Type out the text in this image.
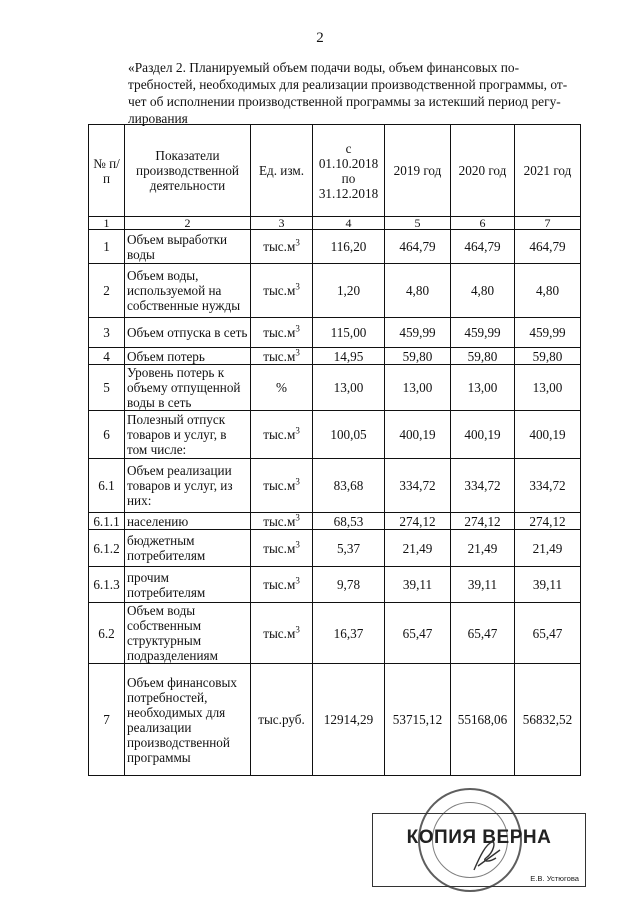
2
«Раздел 2. Планируемый объем подачи воды, объем финансовых по-
требностей, необходимых для реализации производственной программы, от-
чет об исполнении производственной программы за истекший период регу-
лирования
№ п/п	Показатели производственной деятельности	Ед. изм.	с 01.10.2018 по 31.12.2018	2019 год	2020 год	2021 год
1	2	3	4	5	6	7
1	Объем выработки воды	$тыс.м^3$	116,20	464,79	464,79	464,79
2	Объем воды, используемой на собственные нужды	$тыс.м^3$	1,20	4,80	4,80	4,80
3	Объем отпуска в сеть	$тыс.м^3$	115,00	459,99	459,99	459,99
4	Объем потерь	$тыс.м^3$	14,95	59,80	59,80	59,80
5	Уровень потерь к объему отпущенной воды в сеть	%	13,00	13,00	13,00	13,00
6	Полезный отпуск товаров и услуг, в том числе:	$тыс.м^3$	100,05	400,19	400,19	400,19
6.1	Объем реализации товаров и услуг, из них:	$тыс.м^3$	83,68	334,72	334,72	334,72
6.1.1	населению	$тыс.м^3$	68,53	274,12	274,12	274,12
6.1.2	бюджетным потребителям	$тыс.м^3$	5,37	21,49	21,49	21,49
6.1.3	прочим потребителям	$тыс.м^3$	9,78	39,11	39,11	39,11
6.2	Объем воды собственным структурным подразделениям	$тыс.м^3$	16,37	65,47	65,47	65,47
7	Объем финансовых потребностей, необходимых для реализации производственной программы	тыс.руб.	12914,29	53715,12	55168,06	56832,52
КОПИЯ ВЕРНА
Е.В. Устюгова
